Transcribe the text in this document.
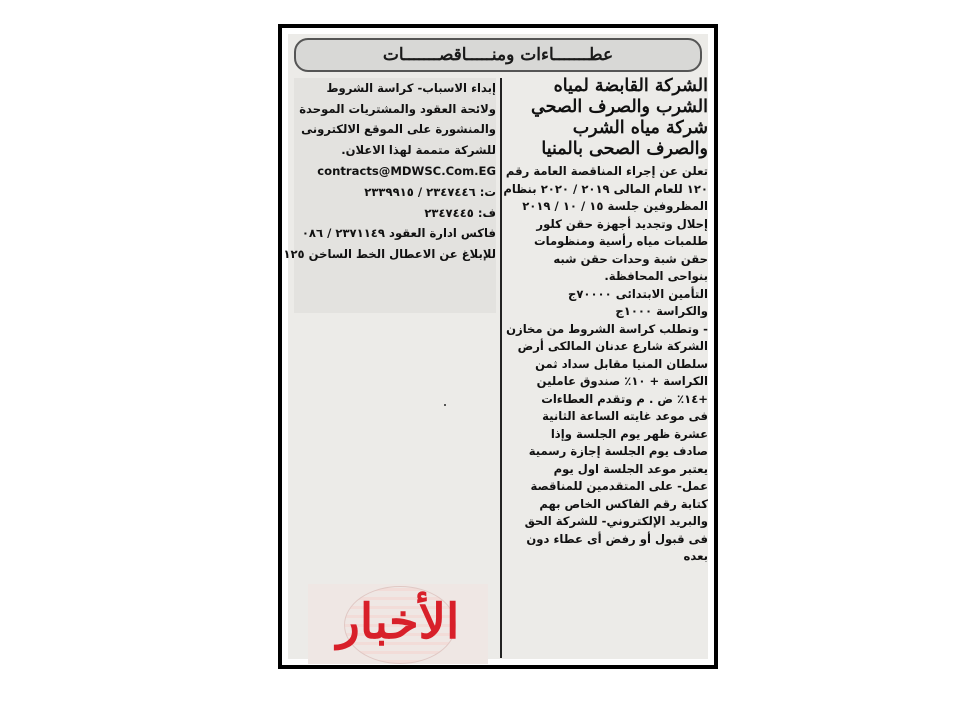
عطـــــــاءات ومنـــــاقصـــــــات
الشركة القابضة لمياه
الشرب والصرف الصحي
شركة مياه الشرب
والصرف الصحى بالمنيا
تعلن عن إجراء المناقصة العامة رقم
١٢٠ للعام المالى ٢٠١٩ / ٢٠٢٠ بنظام
المظروفين جلسة ١٥ / ١٠ / ٢٠١٩
إحلال وتجديد أجهزة حقن كلور
طلمبات مياه رأسية ومنظومات
حقن شبة وحدات حقن شبه
بنواحى المحافظة.
التأمين الابتدائى ٧٠٠٠٠ج
والكراسة ١٠٠٠ج
- وتطلب كراسة الشروط من مخازن
الشركة شارع عدنان المالكى أرض
سلطان المنيا مقابل سداد ثمن
الكراسة + ١٠٪ صندوق عاملين
+١٤٪ ض . م وتقدم العطاءات
فى موعد غايته الساعة الثانية
عشرة ظهر يوم الجلسة وإذا
صادف يوم الجلسة إجازة رسمية
يعتبر موعد الجلسة اول يوم
عمل- على المتقدمين للمناقصة
كتابة رقم الفاكس الخاص بهم
والبريد الإلكتروني- للشركة الحق
فى قبول أو رفض أى عطاء دون
بعده
إبداء الاسباب- كراسة الشروط
ولائحة العقود والمشتريات الموحدة
والمنشورة على الموقع الالكترونى
للشركة متممة لهذا الاعلان.
contracts@MDWSC.Com.EG
ت: ٢٣٤٧٤٤٦ / ٢٣٣٩٩١٥
ف: ٢٣٤٧٤٤٥
فاكس ادارة العقود ٢٣٧١١٤٩ / ٠٨٦
للإبلاغ عن الاعطال الخط الساخن ١٢٥
الأخبار
